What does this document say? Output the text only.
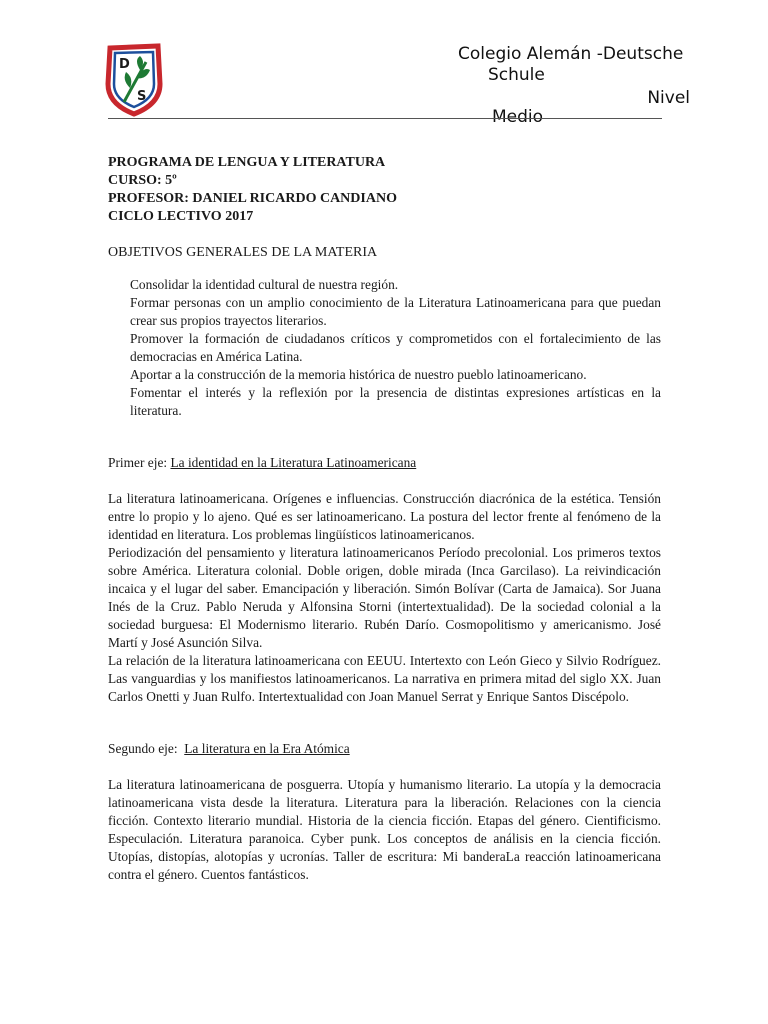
D
S
Colegio Alemán -Deutsche
Schule
Nivel
Medio
PROGRAMA DE LENGUA Y LITERATURA
CURSO: 5º
PROFESOR: DANIEL RICARDO CANDIANO
CICLO LECTIVO 2017
OBJETIVOS GENERALES DE LA MATERIA

Consolidar la identidad cultural de nuestra región.

Formar personas con un amplio conocimiento de la Literatura Latinoamericana para que puedan crear sus propios trayectos literarios.

Promover la formación de ciudadanos críticos y comprometidos con el fortalecimiento de las democracias en América Latina.

Aportar a la construcción de la memoria histórica de nuestro pueblo latinoamericano.

Fomentar el interés y la reflexión por la presencia de distintas expresiones artísticas en la literatura.

Primer eje: La identidad en la Literatura Latinoamericana

La literatura latinoamericana. Orígenes e influencias. Construcción diacrónica de la estética. Tensión entre lo propio y lo ajeno. Qué es ser latinoamericano. La postura del lector frente al fenómeno de la identidad en literatura. Los problemas lingüísticos latinoamericanos.

Periodización del pensamiento y literatura latinoamericanos Período precolonial. Los primeros textos sobre América. Literatura colonial. Doble origen, doble mirada (Inca Garcilaso). La reivindicación incaica y el lugar del saber. Emancipación y liberación. Simón Bolívar (Carta de Jamaica). Sor Juana Inés de la Cruz. Pablo Neruda y Alfonsina Storni (intertextualidad). De la sociedad colonial a la sociedad burguesa: El Modernismo literario. Rubén Darío. Cosmopolitismo y americanismo. José Martí y José Asunción Silva.

La relación de la literatura latinoamericana con EEUU. Intertexto con León Gieco y Silvio Rodríguez. Las vanguardias y los manifiestos latinoamericanos. La narrativa en primera mitad del siglo XX. Juan Carlos Onetti y Juan Rulfo. Intertextualidad con Joan Manuel Serrat y Enrique Santos Discépolo.

Segundo eje: La literatura en la Era Atómica

La literatura latinoamericana de posguerra. Utopía y humanismo literario. La utopía y la democracia latinoamericana vista desde la literatura. Literatura para la liberación. Relaciones con la ciencia ficción. Contexto literario mundial. Historia de la ciencia ficción. Etapas del género. Cientificismo. Especulación. Literatura paranoica. Cyber punk. Los conceptos de análisis en la ciencia ficción. Utopías, distopías, alotopías y ucronías. Taller de escritura: Mi banderaLa reacción latinoamericana contra el género. Cuentos fantásticos.
